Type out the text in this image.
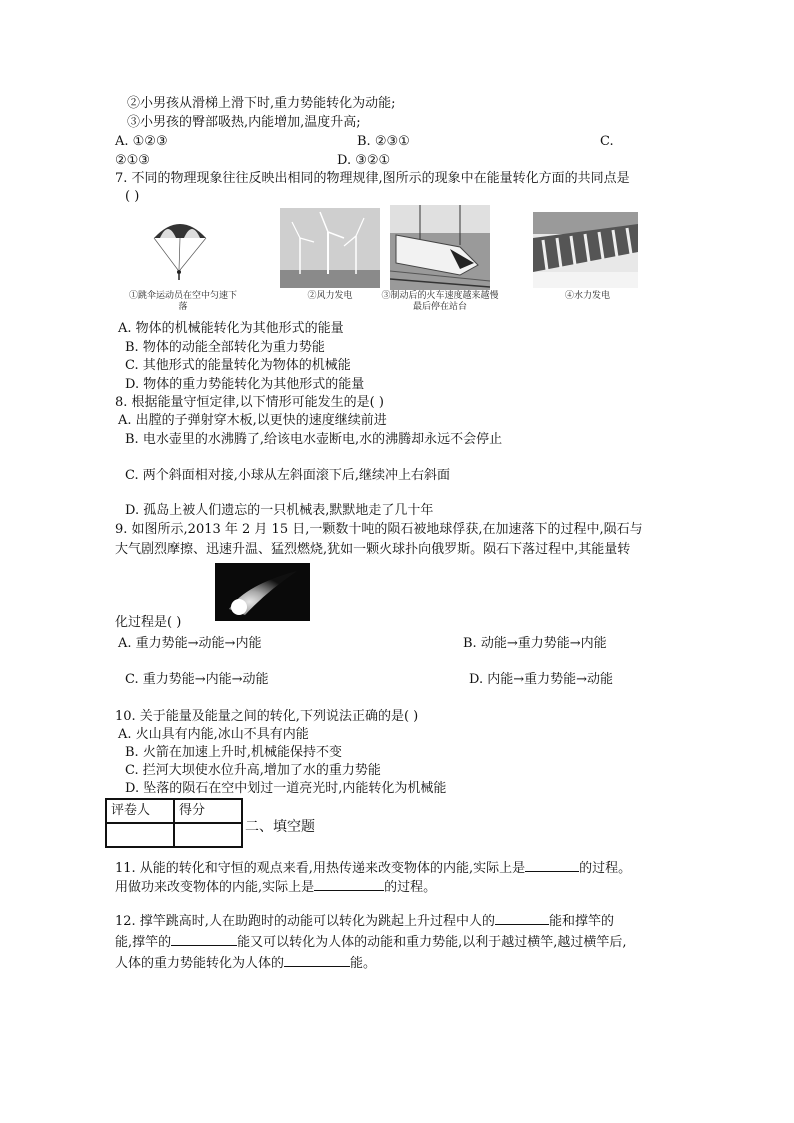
②小男孩从滑梯上滑下时,重力势能转化为动能;
③小男孩的臀部吸热,内能增加,温度升高;
A. ①②③	B. ②③①	C.
②①③	D. ③②①
7. 不同的物理现象往往反映出相同的物理规律,图所示的现象中在能量转化方面的共同点是
( )
①跳伞运动员在空中匀速下落
②风力发电	③制动后的火车速度越来越慢最后停在站台
④水力发电
A. 物体的机械能转化为其他形式的能量
B. 物体的动能全部转化为重力势能
C. 其他形式的能量转化为物体的机械能
D. 物体的重力势能转化为其他形式的能量
8. 根据能量守恒定律,以下情形可能发生的是( )
A. 出膛的子弹射穿木板,以更快的速度继续前进
B. 电水壶里的水沸腾了,给该电水壶断电,水的沸腾却永远不会停止
C. 两个斜面相对接,小球从左斜面滚下后,继续冲上右斜面
D. 孤岛上被人们遗忘的一只机械表,默默地走了几十年
9. 如图所示,2013 年 2 月 15 日,一颗数十吨的陨石被地球俘获,在加速落下的过程中,陨石与
大气剧烈摩擦、迅速升温、猛烈燃烧,犹如一颗火球扑向俄罗斯。陨石下落过程中,其能量转
化过程是( )
A. 重力势能→动能→内能	B. 动能→重力势能→内能
C. 重力势能→内能→动能	D. 内能→重力势能→动能
10. 关于能量及能量之间的转化,下列说法正确的是( )
A. 火山具有内能,冰山不具有内能
B. 火箭在加速上升时,机械能保持不变
C. 拦河大坝使水位升高,增加了水的重力势能
D. 坠落的陨石在空中划过一道亮光时,内能转化为机械能
评卷人	得分

二、填空题
11. 从能的转化和守恒的观点来看,用热传递来改变物体的内能,实际上是	的过程。
用做功来改变物体的内能,实际上是	的过程。
12. 撑竿跳高时,人在助跑时的动能可以转化为跳起上升过程中人的	能和撑竿的
能,撑竿的	能又可以转化为人体的动能和重力势能,以利于越过横竿,越过横竿后,
人体的重力势能转化为人体的	能。
